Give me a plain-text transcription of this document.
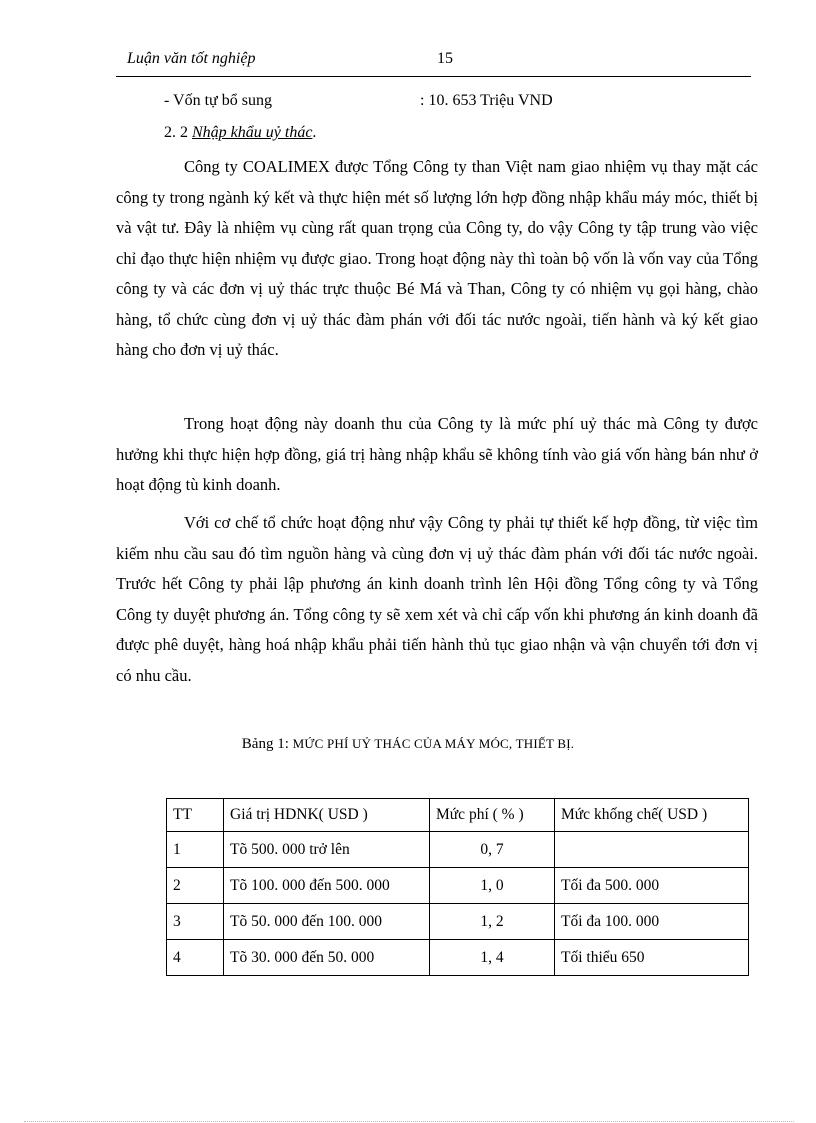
Luận văn tốt nghiệp	15
- Vốn tự bổ sung	: 10. 653 Triệu VND
2. 2 Nhập khẩu uỷ thác.

Công ty COALIMEX được Tổng Công ty than Việt nam giao nhiệm vụ thay mặt các công ty trong ngành ký kết và thực hiện mét số lượng lớn hợp đồng nhập khẩu máy móc, thiết bị và vật tư. Đây là nhiệm vụ cùng rất quan trọng của Công ty, do vậy Công ty tập trung vào việc chỉ đạo thực hiện nhiệm vụ được giao. Trong hoạt động này thì toàn bộ vốn là vốn vay của Tổng công ty và các đơn vị uỷ thác trực thuộc Bé Má và Than, Công ty có nhiệm vụ gọi hàng, chào hàng, tổ chức cùng đơn vị uỷ thác đàm phán với đối tác nước ngoài, tiến hành và ký kết giao hàng cho đơn vị uỷ thác.

Trong hoạt động này doanh thu của Công ty là mức phí uỷ thác mà Công ty được hưởng khi thực hiện hợp đồng, giá trị hàng nhập khẩu sẽ không tính vào giá vốn hàng bán như ở hoạt động tù kinh doanh.

Với cơ chế tổ chức hoạt động như vậy Công ty phải tự thiết kế hợp đồng, từ việc tìm kiếm nhu cầu sau đó tìm nguồn hàng và cùng đơn vị uỷ thác đàm phán với đối tác nước ngoài. Trước hết Công ty phải lập phương án kinh doanh trình lên Hội đồng Tổng công ty và Tổng Công ty duyệt phương án. Tổng công ty sẽ xem xét và chỉ cấp vốn khi phương án kinh doanh đã được phê duyệt, hàng hoá nhập khẩu phải tiến hành thủ tục giao nhận và vận chuyển tới đơn vị có nhu cầu.

Bảng 1: MỨC PHÍ UỶ THÁC CỦA MÁY MÓC, THIẾT BỊ.
TT	Giá trị HDNK( USD )	Mức phí ( % )	Mức khống chế( USD )
1	Tõ 500. 000 trở lên	0, 7	
2	Tõ 100. 000 đến 500. 000	1, 0	Tối đa 500. 000
3	Tõ 50. 000 đến 100. 000	1, 2	Tối đa 100. 000
4	Tõ 30. 000 đến 50. 000	1, 4	Tối thiểu 650
